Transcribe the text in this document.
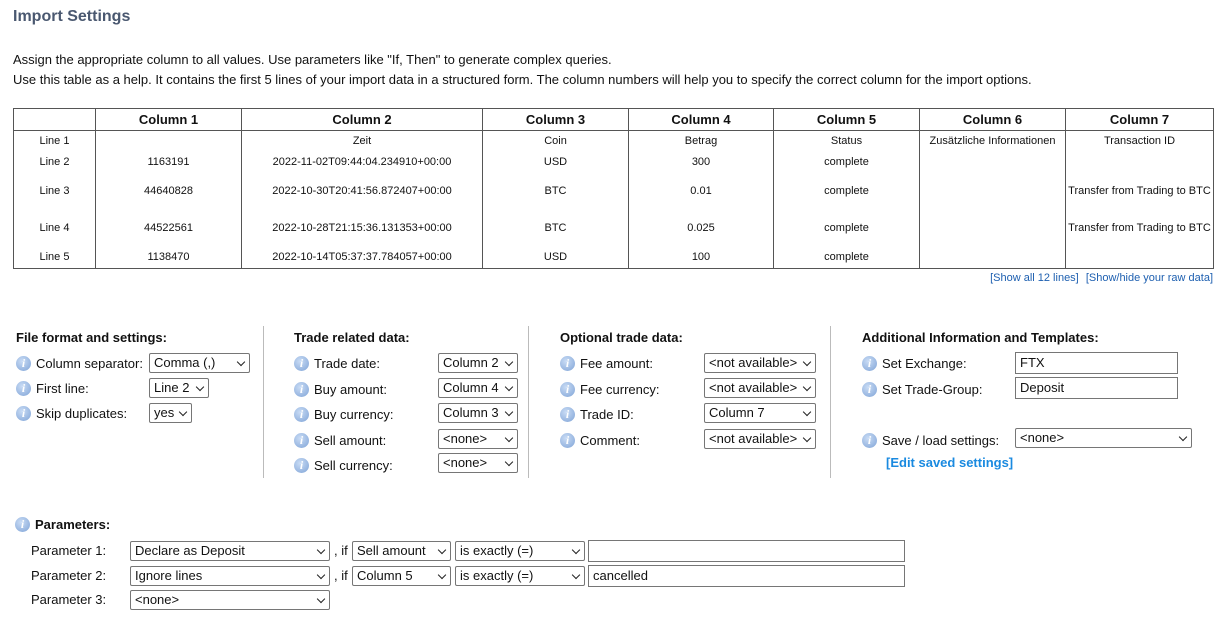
Import Settings
Assign the appropriate column to all values. Use parameters like "If, Then" to generate complex queries.
Use this table as a help. It contains the first 5 lines of your import data in a structured form. The column numbers will help you to specify the correct column for the import options.
	Column 1	Column 2	Column 3	Column 4	Column 5	Column 6	Column 7
Line 1		Zeit	Coin	Betrag	Status	Zusätzliche Informationen	Transaction ID
Line 2	1163191	2022-11-02T09:44:04.234910+00:00	USD	300	complete		
Line 3	44640828	2022-10-30T20:41:56.872407+00:00	BTC	0.01	complete		Transfer from Trading to BTC
Line 4	44522561	2022-10-28T21:15:36.131353+00:00	BTC	0.025	complete		Transfer from Trading to BTC
Line 5	1138470	2022-10-14T05:37:37.784057+00:00	USD	100	complete		
[Show all 12 lines] [Show/hide your raw data]
File format and settings:
i Column separator: Comma (,)
i First line:	Line 2
i Skip duplicates:	yes
Trade related data:
i Trade date:	Column 2
i Buy amount:	Column 4
i Buy currency:	Column 3
i Sell amount:	<none>
i Sell currency:	<none>
Optional trade data:
i Fee amount:	<not available>
i Fee currency:	<not available>
i Trade ID:	Column 7
i Comment:	<not available>
Additional Information and Templates:
i Set Exchange:	FTX
i Set Trade-Group:	Deposit
i Save / load settings:	<none>
[Edit saved settings]
i Parameters:
Parameter 1:	Declare as Deposit	, if Sell amount	is exactly (=)
Parameter 2:	Ignore lines	, if Column 5	is exactly (=)	cancelled
Parameter 3:	<none>
